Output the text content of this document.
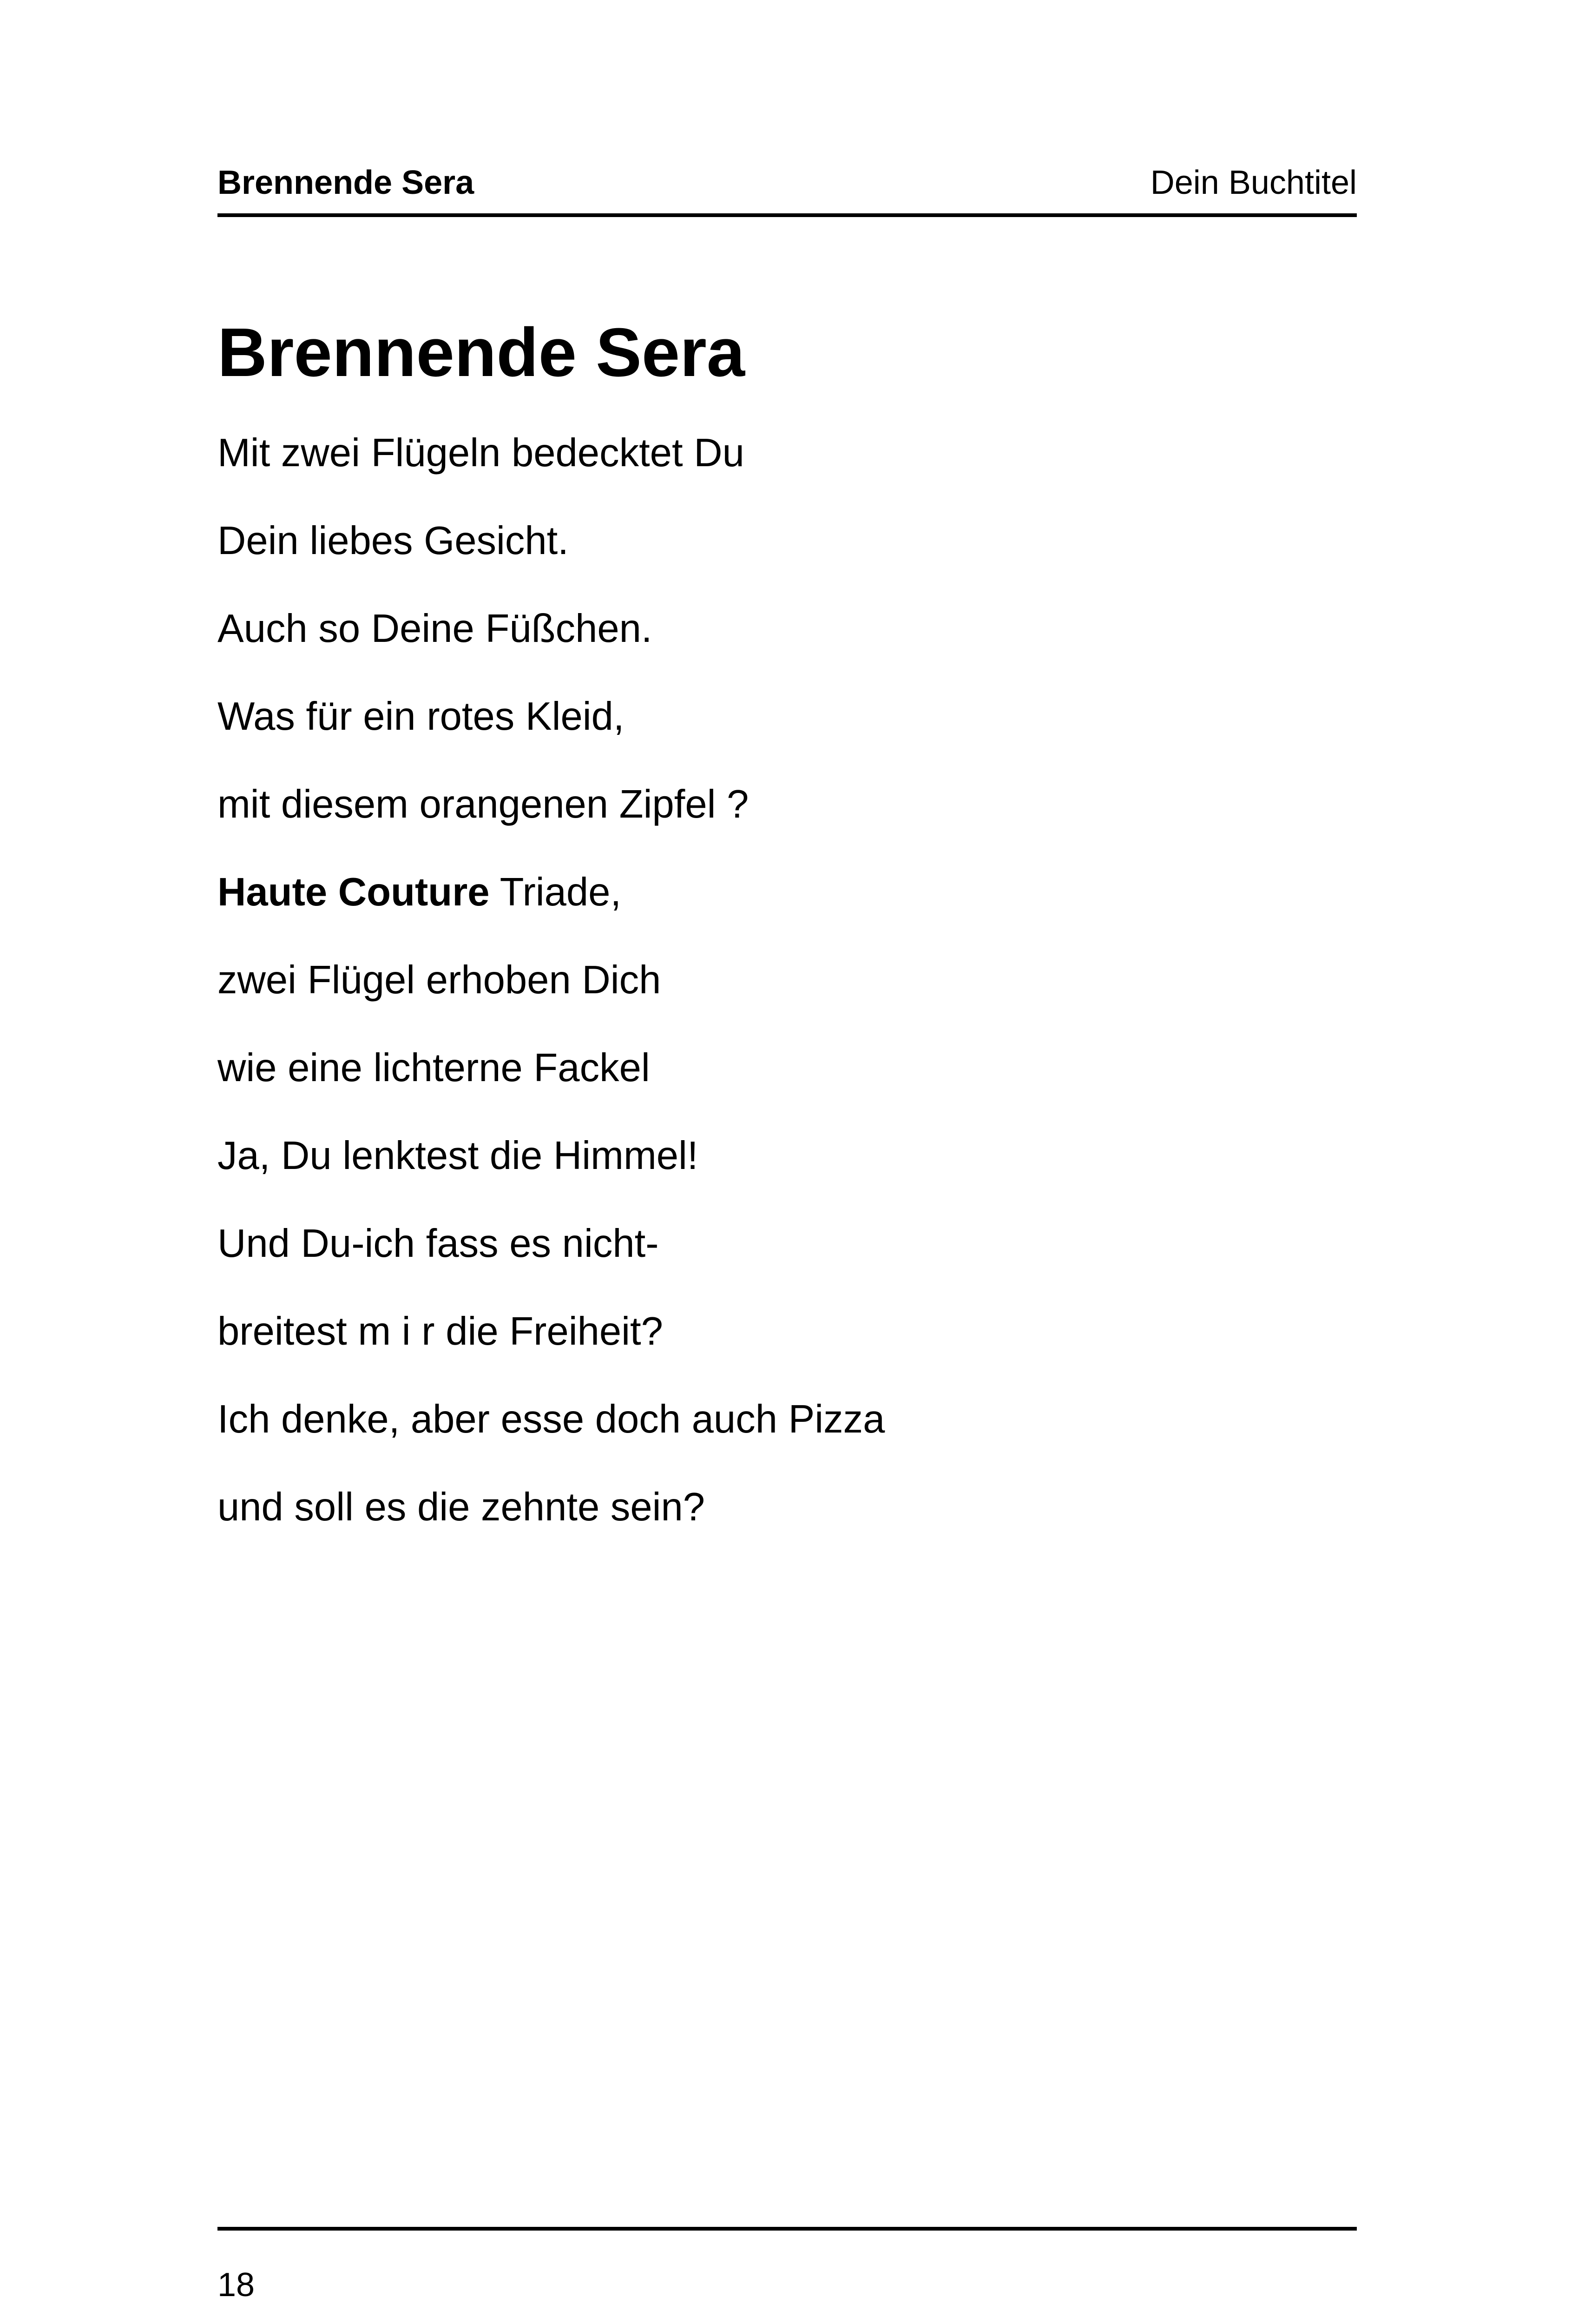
Brennende Sera	Dein Buchtitel
Brennende Sera
Mit zwei Flügeln bedecktet Du
Dein liebes Gesicht.
Auch so Deine Füßchen.
Was für ein rotes Kleid,
mit diesem orangenen Zipfel ?
Haute Couture Triade,
zwei Flügel erhoben Dich
wie eine lichterne Fackel
Ja, Du lenktest die Himmel!
Und Du-ich fass es nicht-
breitest m i r die Freiheit?
Ich denke, aber esse doch auch Pizza
und soll es die zehnte sein?
18
